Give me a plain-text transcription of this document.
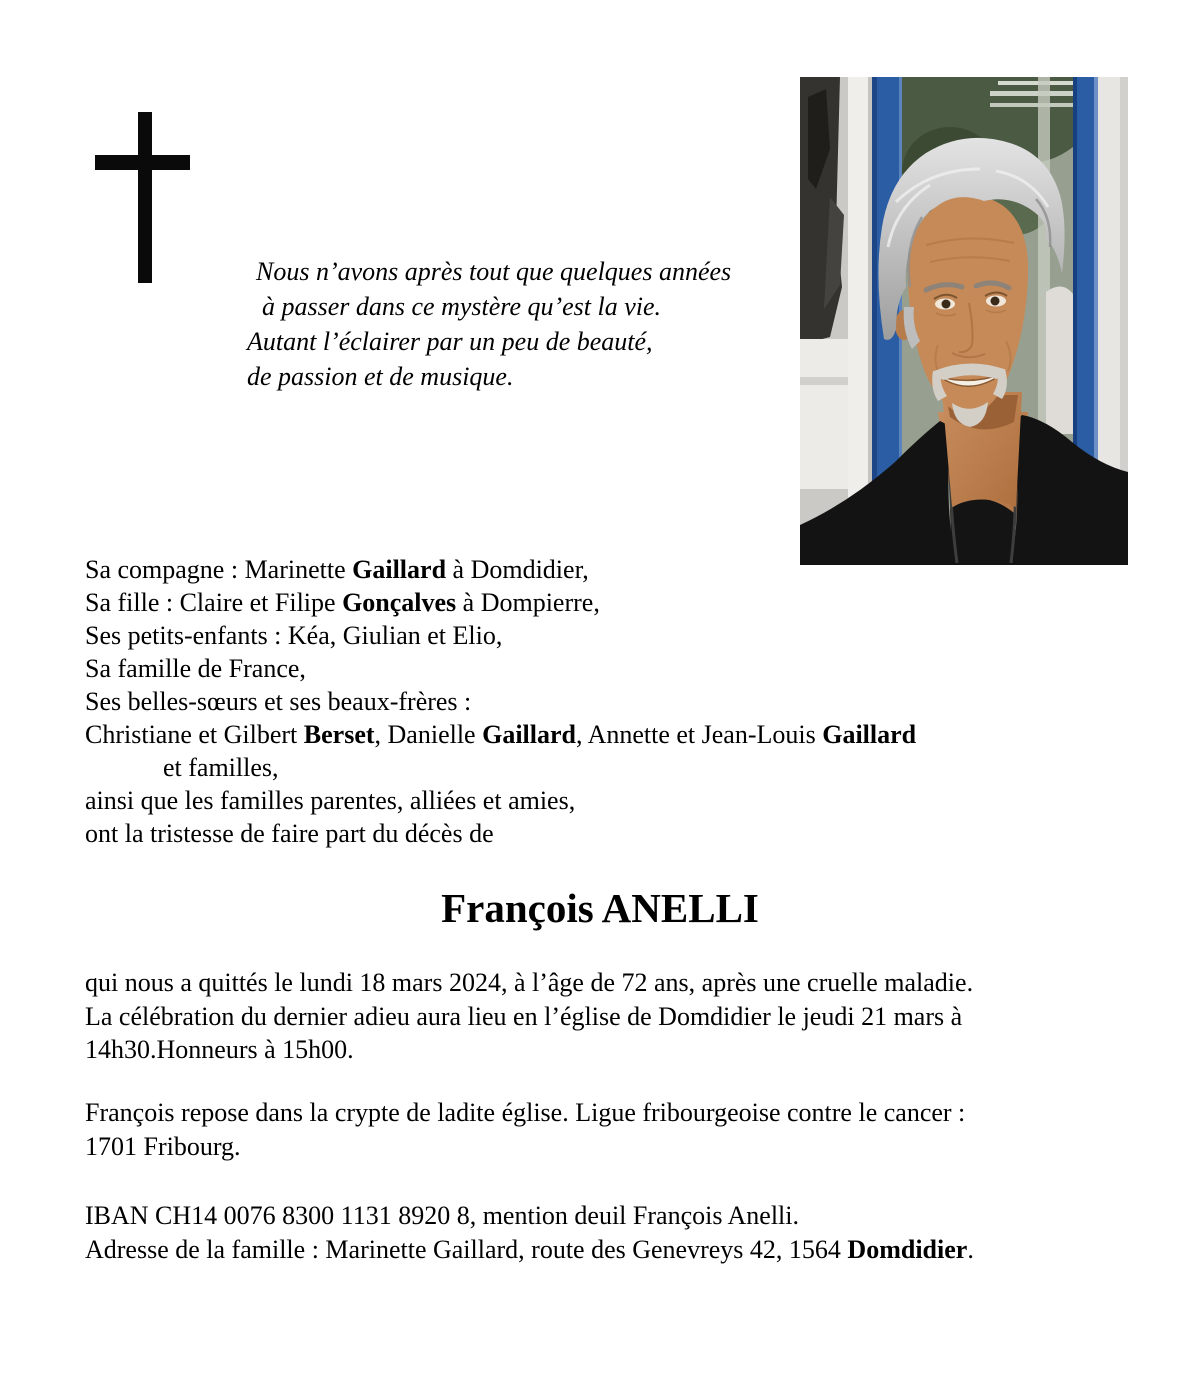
Nous n’avons après tout que quelques années
à passer dans ce mystère qu’est la vie.
Autant l’éclairer par un peu de beauté,
de passion et de musique.
Sa compagne : Marinette Gaillard à Domdidier,
Sa fille : Claire et Filipe Gonçalves à Dompierre,
Ses petits-enfants : Kéa, Giulian et Elio,
Sa famille de France,
Ses belles-sœurs et ses beaux-frères :
Christiane et Gilbert Berset, Danielle Gaillard, Annette et Jean-Louis Gaillard
et familles,
ainsi que les familles parentes, alliées et amies,
ont la tristesse de faire part du décès de
François ANELLI
qui nous a quittés le lundi 18 mars 2024, à l’âge de 72 ans, après une cruelle maladie.
La célébration du dernier adieu aura lieu en l’église de Domdidier le jeudi 21 mars à
14h30.Honneurs à 15h00.
François repose dans la crypte de ladite église. Ligue fribourgeoise contre le cancer :
1701 Fribourg.
IBAN CH14 0076 8300 1131 8920 8, mention deuil François Anelli.
Adresse de la famille : Marinette Gaillard, route des Genevreys 42, 1564 Domdidier.
